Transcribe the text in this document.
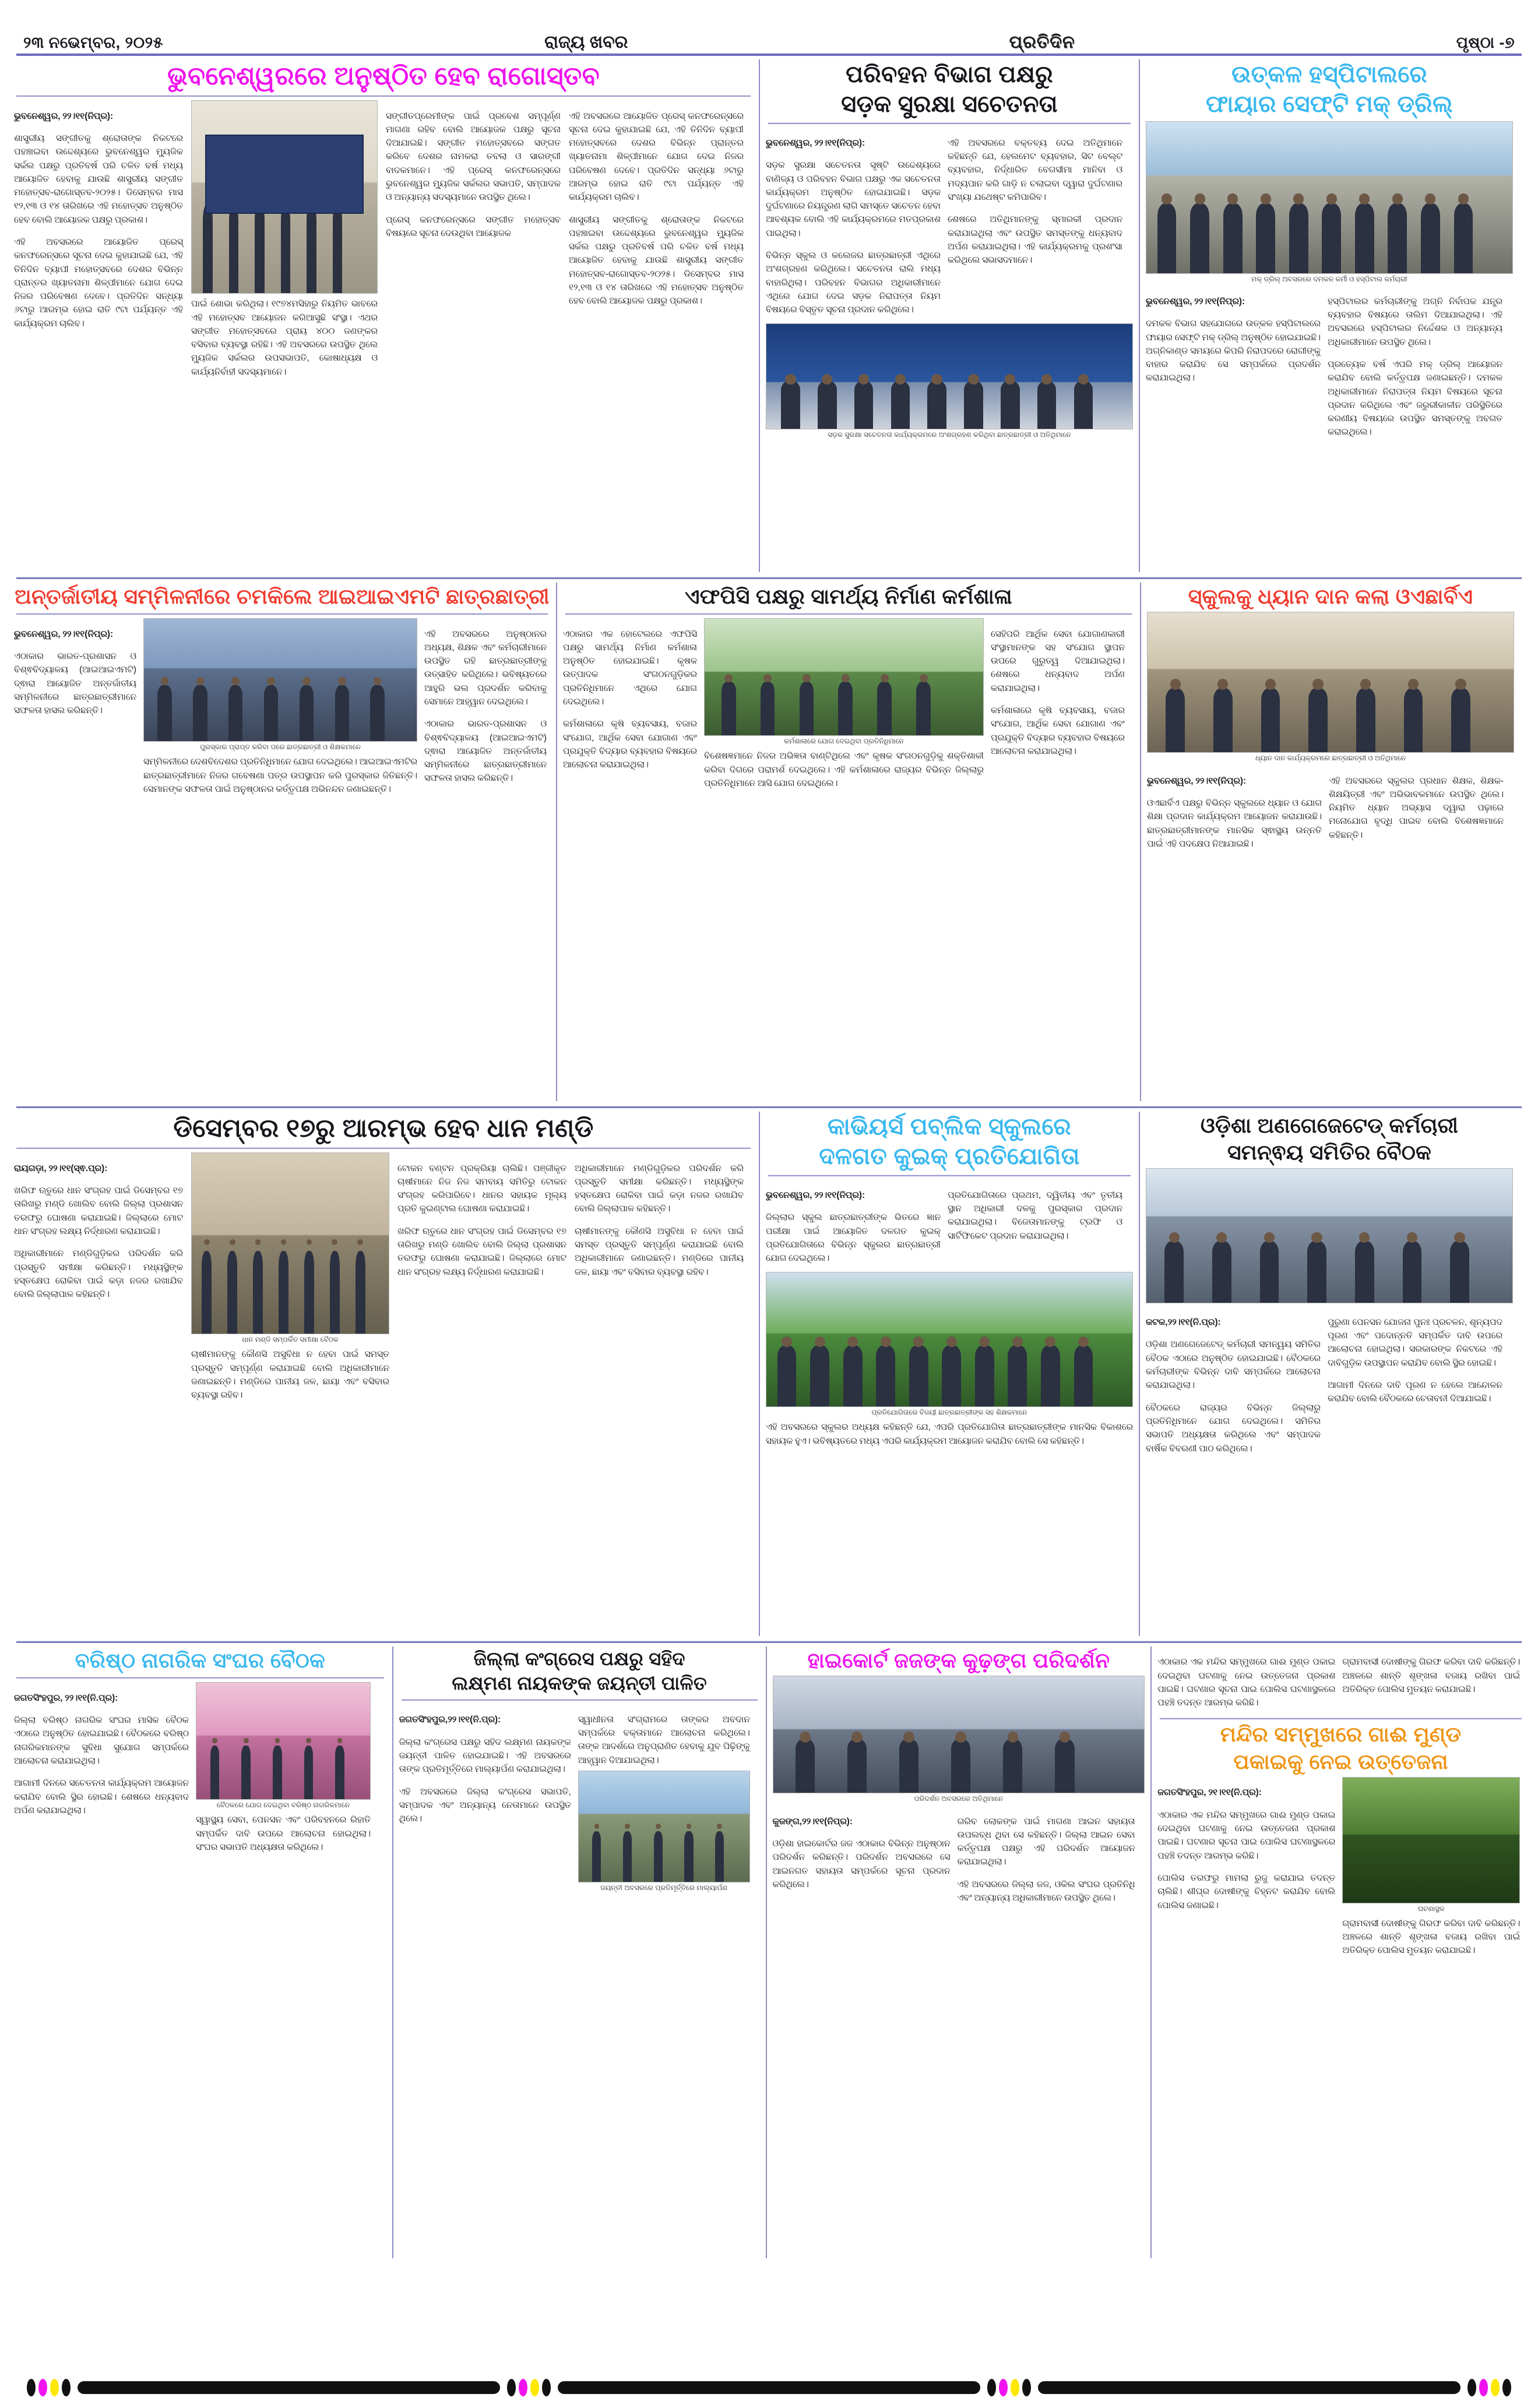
୨୩ ନଭେମ୍ବର, ୨୦୨୫	ରାଜ୍ୟ ଖବର	ପ୍ରତିଦିନ	ପୃଷ୍ଠା -୭
ଭୁବନେଶ୍ୱରରେ ଅନୁଷ୍ଠିତ ହେବ ରାଗୋସ୍ତବ

ଭୁବନେଶ୍ୱର, ୨୨।୧୧(ନିପ୍ର):

ଶାସ୍ତ୍ରୀୟ ସଙ୍ଗୀତକୁ ଶ୍ରୋତାଙ୍କ ନିକଟରେ ପହଞ୍ଚାଇବା ଉଦ୍ଦେଶ୍ୟରେ ଭୁବନେଶ୍ୱର ମ୍ୟୁଜିକ ସର୍କଲ ପକ୍ଷରୁ ପ୍ରତିବର୍ଷ ପରି ଚଳିତ ବର୍ଷ ମଧ୍ୟ ଆୟୋଜିତ ହେବାକୁ ଯାଉଛି ଶାସ୍ତ୍ରୀୟ ସଙ୍ଗୀତ ମହୋତ୍ସବ-ରାଗୋସ୍ତବ-୨୦୨୫। ଡିସେମ୍ବର ମାସ ୧୨,୧୩ ଓ ୧୪ ତାରିଖରେ ଏହି ମହୋତ୍ସବ ଅନୁଷ୍ଠିତ ହେବ ବୋଲି ଆୟୋଜକ ପକ୍ଷରୁ ପ୍ରକାଶ।

ଏହି ଅବସରରେ ଆୟୋଜିତ ପ୍ରେସ୍ କନଫରେନ୍ସରେ ସୂଚନା ଦେଇ କୁହାଯାଇଛି ଯେ, ଏହି ତିନିଦିନ ବ୍ୟାପୀ ମହୋତ୍ସବରେ ଦେଶର ବିଭିନ୍ନ ପ୍ରାନ୍ତର ଖ୍ୟାତନାମା ଶିଳ୍ପୀମାନେ ଯୋଗ ଦେଇ ନିଜର ପରିବେଷଣ ଦେବେ। ପ୍ରତିଦିନ ସନ୍ଧ୍ୟା ୬ଟାରୁ ଆରମ୍ଭ ହୋଇ ରାତି ୯ଟା ପର୍ଯ୍ୟନ୍ତ ଏହି କାର୍ଯ୍ୟକ୍ରମ ଚାଲିବ।

ପାଇଁ ଶୋଭା କରିଥିଲା। ୧୯୭୪ମସିହାରୁ ନିୟମିତ ଭାବରେ ଏହି ମହୋତ୍ସବ ଆୟୋଜନ କରିଆସୁଛି ସଂସ୍ଥା। ଏଥର ସଙ୍ଗୀତ ମହୋତ୍ସବରେ ପ୍ରାୟ ୪୦୦ ଜଣଙ୍କର ବସିବାର ବ୍ୟବସ୍ଥା ରହିଛି। ଏହି ଅବସରରେ ଉପସ୍ଥିତ ଥିଲେ ମ୍ୟୁଜିକ ସର୍କଲର ଉପସଭାପତି, କୋଷାଧ୍ୟକ୍ଷ ଓ କାର୍ଯ୍ୟନିର୍ବାହୀ ସଦସ୍ୟମାନେ।

ସଙ୍ଗୀତପ୍ରେମୀଙ୍କ ପାଇଁ ପ୍ରବେଶ ସମ୍ପୂର୍ଣ୍ଣ ମାଗଣା ରହିବ ବୋଲି ଆୟୋଜକ ପକ୍ଷରୁ ସୂଚନା ଦିଆଯାଇଛି। ସଙ୍ଗୀତ ମହୋତ୍ସବରେ ସଙ୍ଗତ କରିବେ ଦେଶର ନାମକରା ତବଲା ଓ ସାରଙ୍ଗୀ ବାଦକମାନେ। ଏହି ପ୍ରେସ୍ କନଫରେନ୍ସରେ ଭୁବନେଶ୍ୱର ମ୍ୟୁଜିକ ସର୍କଲର ସଭାପତି, ସମ୍ପାଦକ ଓ ଅନ୍ୟାନ୍ୟ ସଦସ୍ୟମାନେ ଉପସ୍ଥିତ ଥିଲେ।

ପ୍ରେସ୍ କନଫରେନ୍ସରେ ସଙ୍ଗୀତ ମହୋତ୍ସବ ବିଷୟରେ ସୂଚନା ଦେଉଥିବା ଆୟୋଜକ

ଏହି ଅବସରରେ ଆୟୋଜିତ ପ୍ରେସ୍ କନଫରେନ୍ସରେ ସୂଚନା ଦେଇ କୁହାଯାଇଛି ଯେ, ଏହି ତିନିଦିନ ବ୍ୟାପୀ ମହୋତ୍ସବରେ ଦେଶର ବିଭିନ୍ନ ପ୍ରାନ୍ତର ଖ୍ୟାତନାମା ଶିଳ୍ପୀମାନେ ଯୋଗ ଦେଇ ନିଜର ପରିବେଷଣ ଦେବେ। ପ୍ରତିଦିନ ସନ୍ଧ୍ୟା ୬ଟାରୁ ଆରମ୍ଭ ହୋଇ ରାତି ୯ଟା ପର୍ଯ୍ୟନ୍ତ ଏହି କାର୍ଯ୍ୟକ୍ରମ ଚାଲିବ।

ଶାସ୍ତ୍ରୀୟ ସଙ୍ଗୀତକୁ ଶ୍ରୋତାଙ୍କ ନିକଟରେ ପହଞ୍ଚାଇବା ଉଦ୍ଦେଶ୍ୟରେ ଭୁବନେଶ୍ୱର ମ୍ୟୁଜିକ ସର୍କଲ ପକ୍ଷରୁ ପ୍ରତିବର୍ଷ ପରି ଚଳିତ ବର୍ଷ ମଧ୍ୟ ଆୟୋଜିତ ହେବାକୁ ଯାଉଛି ଶାସ୍ତ୍ରୀୟ ସଙ୍ଗୀତ ମହୋତ୍ସବ-ରାଗୋସ୍ତବ-୨୦୨୫। ଡିସେମ୍ବର ମାସ ୧୨,୧୩ ଓ ୧୪ ତାରିଖରେ ଏହି ମହୋତ୍ସବ ଅନୁଷ୍ଠିତ ହେବ ବୋଲି ଆୟୋଜକ ପକ୍ଷରୁ ପ୍ରକାଶ।

ପରିବହନ ବିଭାଗ ପକ୍ଷରୁ
ସଡ଼କ ସୁରକ୍ଷା ସଚେତନତା

ଭୁବନେଶ୍ୱର, ୨୨।୧୧(ନିପ୍ର):

ସଡ଼କ ସୁରକ୍ଷା ସଚେତନତା ସୃଷ୍ଟି ଉଦ୍ଦେଶ୍ୟରେ ବାଣିଜ୍ୟ ଓ ପରିବହନ ବିଭାଗ ପକ୍ଷରୁ ଏକ ସଚେତନତା କାର୍ଯ୍ୟକ୍ରମ ଅନୁଷ୍ଠିତ ହୋଇଯାଇଛି। ସଡ଼କ ଦୁର୍ଘଟଣାରେ ନିୟନ୍ତ୍ରଣ ଲାଗି ସମସ୍ତେ ସଚେତନ ହେବା ଆବଶ୍ୟକ ବୋଲି ଏହି କାର୍ଯ୍ୟକ୍ରମରେ ମତପ୍ରକାଶ ପାଇଥିଲା।

ବିଭିନ୍ନ ସ୍କୁଲ ଓ କଲେଜର ଛାତ୍ରଛାତ୍ରୀ ଏଥିରେ ଅଂଶଗ୍ରହଣ କରିଥିଲେ। ସଚେତନତା ରାଲି ମଧ୍ୟ ବାହାରିଥିଲା। ପରିବହନ ବିଭାଗର ଅଧିକାରୀମାନେ ଏଥିରେ ଯୋଗ ଦେଇ ସଡ଼କ ନିରାପତ୍ତା ନିୟମ ବିଷୟରେ ବିସ୍ତୃତ ସୂଚନା ପ୍ରଦାନ କରିଥିଲେ।

ଏହି ଅବସରରେ ବକ୍ତବ୍ୟ ଦେଇ ଅତିଥିମାନେ କହିଛନ୍ତି ଯେ, ହେଲମେଟ ବ୍ୟବହାର, ସିଟ ବେଲ୍ଟ ବ୍ୟବହାର, ନିର୍ଦ୍ଧାରିତ ବେଗସୀମା ମାନିବା ଓ ମଦ୍ୟପାନ କରି ଗାଡ଼ି ନ ଚଲାଇବା ଦ୍ୱାରା ଦୁର୍ଘଟଣାର ସଂଖ୍ୟା ଯଥେଷ୍ଟ କମିପାରିବ।

ଶେଷରେ ଅତିଥିମାନଙ୍କୁ ସ୍ମାରକୀ ପ୍ରଦାନ କରାଯାଇଥିଲା ଏବଂ ଉପସ୍ଥିତ ସମସ୍ତଙ୍କୁ ଧନ୍ୟବାଦ ଅର୍ପଣ କରାଯାଇଥିଲା। ଏହି କାର୍ଯ୍ୟକ୍ରମକୁ ପ୍ରଶଂସା କରିଥିଲେ ସଭାସଦମାନେ।

ସଡ଼କ ସୁରକ୍ଷା ସଚେତନତା କାର୍ଯ୍ୟକ୍ରମରେ ଅଂଶଗ୍ରହଣ କରିଥିବା ଛାତ୍ରଛାତ୍ରୀ ଓ ଅତିଥିମାନେ
ଉତ୍କଳ ହସ୍ପିଟାଲରେ
ଫାୟାର ସେଫ୍ଟି ମକ୍ ଡ୍ରିଲ୍
ମକ୍ ଡ୍ରିଲ୍ ଅବସରରେ ଦମକଳ କର୍ମୀ ଓ ହସ୍ପିଟାଲ କର୍ମଚାରୀ

ଭୁବନେଶ୍ୱର, ୨୨।୧୧(ନିପ୍ର):

ଦମକଳ ବିଭାଗ ସହଯୋଗରେ ଉତ୍କଳ ହସ୍ପିଟାଲରେ ଫାୟାର ସେଫ୍ଟି ମକ୍ ଡ୍ରିଲ୍ ଅନୁଷ୍ଠିତ ହୋଇଯାଇଛି। ଅଗ୍ନିକାଣ୍ଡ ସମୟରେ କିପରି ନିରାପଦରେ ରୋଗୀଙ୍କୁ ବାହାର କରାଯିବ ସେ ସମ୍ପର୍କରେ ପ୍ରଦର୍ଶନ କରାଯାଇଥିଲା।

ହସ୍ପିଟାଲର କର୍ମଚାରୀଙ୍କୁ ଅଗ୍ନି ନିର୍ବାପକ ଯନ୍ତ୍ର ବ୍ୟବହାର ବିଷୟରେ ତାଲିମ ଦିଆଯାଇଥିଲା। ଏହି ଅବସରରେ ହସ୍ପିଟାଲର ନିର୍ଦ୍ଦେଶକ ଓ ଅନ୍ୟାନ୍ୟ ଅଧିକାରୀମାନେ ଉପସ୍ଥିତ ଥିଲେ।

ପ୍ରତ୍ୟେକ ବର୍ଷ ଏପରି ମକ୍ ଡ୍ରିଲ୍ ଆୟୋଜନ କରାଯିବ ବୋଲି କର୍ତ୍ତୃପକ୍ଷ ଜଣାଇଛନ୍ତି। ଦମକଳ ଅଧିକାରୀମାନେ ନିରାପତ୍ତା ନିୟମ ବିଷୟରେ ସୂଚନା ପ୍ରଦାନ କରିଥିଲେ ଏବଂ ଜରୁରୀକାଳୀନ ପରିସ୍ଥିତିରେ କରଣୀୟ ବିଷୟରେ ଉପସ୍ଥିତ ସମସ୍ତଙ୍କୁ ଅବଗତ କରାଇଥିଲେ।

ଅନ୍ତର୍ଜାତୀୟ ସମ୍ମିଳନୀରେ ଚମକିଲେ ଆଇଆଇଏମଟି ଛାତ୍ରଛାତ୍ରୀ

ଭୁବନେଶ୍ୱର, ୨୨।୧୧(ନିପ୍ର):

ଏଠାକାର ଭାରତ-ପ୍ରଶାସନ ଓ ବିଶ୍ଵବିଦ୍ୟାଳୟ (ଆଇଆଇଏମଟି) ଦ୍ଵାରା ଆୟୋଜିତ ଅନ୍ତର୍ଜାତୀୟ ସମ୍ମିଳନୀରେ ଛାତ୍ରଛାତ୍ରୀମାନେ ସଫଳତା ହାସଲ କରିଛନ୍ତି।

ପୁରସ୍କାର ପ୍ରାପ୍ତ କରିବା ପରେ ଛାତ୍ରଛାତ୍ରୀ ଓ ଶିକ୍ଷକମାନେ

ସମ୍ମିଳନୀରେ ଦେଶବିଦେଶର ପ୍ରତିନିଧିମାନେ ଯୋଗ ଦେଇଥିଲେ। ଆଇଆଇଏମଟିର ଛାତ୍ରଛାତ୍ରୀମାନେ ନିଜର ଗବେଷଣା ପତ୍ର ଉପସ୍ଥାପନ କରି ପୁରସ୍କାର ଜିତିଛନ୍ତି। ସେମାନଙ୍କ ସଫଳତା ପାଇଁ ଅନୁଷ୍ଠାନର କର୍ତ୍ତୃପକ୍ଷ ଅଭିନନ୍ଦନ ଜଣାଇଛନ୍ତି।

ଏହି ଅବସରରେ ଅନୁଷ୍ଠାନର ଅଧ୍ୟକ୍ଷ, ଶିକ୍ଷକ ଏବଂ କର୍ମଚାରୀମାନେ ଉପସ୍ଥିତ ରହି ଛାତ୍ରଛାତ୍ରୀଙ୍କୁ ଉତ୍ସାହିତ କରିଥିଲେ। ଭବିଷ୍ୟତରେ ଆହୁରି ଭଲ ପ୍ରଦର୍ଶନ କରିବାକୁ ସେମାନେ ଆହ୍ୱାନ ଦେଇଥିଲେ।

ଏଠାକାର ଭାରତ-ପ୍ରଶାସନ ଓ ବିଶ୍ଵବିଦ୍ୟାଳୟ (ଆଇଆଇଏମଟି) ଦ୍ଵାରା ଆୟୋଜିତ ଅନ୍ତର୍ଜାତୀୟ ସମ୍ମିଳନୀରେ ଛାତ୍ରଛାତ୍ରୀମାନେ ସଫଳତା ହାସଲ କରିଛନ୍ତି।

ଏଫପିସି ପକ୍ଷରୁ ସାମର୍ଥ୍ୟ ନିର୍ମାଣ କର୍ମଶାଳା

ଏଠାକାର ଏକ ହୋଟେଲରେ ଏଫପିସି ପକ୍ଷରୁ ସାମର୍ଥ୍ୟ ନିର୍ମାଣ କର୍ମଶାଳା ଅନୁଷ୍ଠିତ ହୋଇଯାଇଛି। କୃଷକ ଉତ୍ପାଦକ ସଂଗଠନଗୁଡ଼ିକର ପ୍ରତିନିଧିମାନେ ଏଥିରେ ଯୋଗ ଦେଇଥିଲେ।

କର୍ମଶାଳାରେ କୃଷି ବ୍ୟବସାୟ, ବଜାର ସଂଯୋଗ, ଆର୍ଥିକ ସେବା ଯୋଗାଣ ଏବଂ ପ୍ରଯୁକ୍ତି ବିଦ୍ୟାର ବ୍ୟବହାର ବିଷୟରେ ଆଲୋଚନା କରାଯାଇଥିଲା।

କର୍ମଶାଳାରେ ଯୋଗ ଦେଇଥିବା ପ୍ରତିନିଧିମାନେ

ବିଶେଷଜ୍ଞମାନେ ନିଜର ଅଭିଜ୍ଞତା ବାଣ୍ଟିଥିଲେ ଏବଂ କୃଷକ ସଂଗଠନଗୁଡ଼ିକୁ ଶକ୍ତିଶାଳୀ କରିବା ଦିଗରେ ପରାମର୍ଶ ଦେଇଥିଲେ। ଏହି କର୍ମଶାଳାରେ ରାଜ୍ୟର ବିଭିନ୍ନ ଜିଲ୍ଲାରୁ ପ୍ରତିନିଧିମାନେ ଆସି ଯୋଗ ଦେଇଥିଲେ।

ସେହିପରି ଆର୍ଥିକ ସେବା ଯୋଗାଣକାରୀ ସଂସ୍ଥାମାନଙ୍କ ସହ ସଂଯୋଗ ସ୍ଥାପନ ଉପରେ ଗୁରୁତ୍ୱ ଦିଆଯାଇଥିଲା। ଶେଷରେ ଧନ୍ୟବାଦ ଅର୍ପଣ କରାଯାଇଥିଲା।

କର୍ମଶାଳାରେ କୃଷି ବ୍ୟବସାୟ, ବଜାର ସଂଯୋଗ, ଆର୍ଥିକ ସେବା ଯୋଗାଣ ଏବଂ ପ୍ରଯୁକ୍ତି ବିଦ୍ୟାର ବ୍ୟବହାର ବିଷୟରେ ଆଲୋଚନା କରାଯାଇଥିଲା।

ସ୍କୁଲକୁ ଧ୍ୟାନ ଦାନ କଲା ଓଏଛାର୍ବିଏ
ଧ୍ୟାନ ଦାନ କାର୍ଯ୍ୟକ୍ରମରେ ଛାତ୍ରଛାତ୍ରୀ ଓ ଅତିଥିମାନେ

ଭୁବନେଶ୍ୱର, ୨୨।୧୧(ନିପ୍ର):

ଓଏଛାର୍ବିଏ ପକ୍ଷରୁ ବିଭିନ୍ନ ସ୍କୁଲରେ ଧ୍ୟାନ ଓ ଯୋଗ ଶିକ୍ଷା ପ୍ରଦାନ କାର୍ଯ୍ୟକ୍ରମ ଆୟୋଜନ କରାଯାଉଛି। ଛାତ୍ରଛାତ୍ରୀମାନଙ୍କ ମାନସିକ ସ୍ଵାସ୍ଥ୍ୟ ଉନ୍ନତି ପାଇଁ ଏହି ପଦକ୍ଷେପ ନିଆଯାଇଛି।

ଏହି ଅବସରରେ ସ୍କୁଲର ପ୍ରଧାନ ଶିକ୍ଷକ, ଶିକ୍ଷକ-ଶିକ୍ଷୟିତ୍ରୀ ଏବଂ ଅଭିଭାବକମାନେ ଉପସ୍ଥିତ ଥିଲେ। ନିୟମିତ ଧ୍ୟାନ ଅଭ୍ୟାସ ଦ୍ୱାରା ପଢ଼ାରେ ମନୋଯୋଗ ବୃଦ୍ଧି ପାଇବ ବୋଲି ବିଶେଷଜ୍ଞମାନେ କହିଛନ୍ତି।

ଡିସେମ୍ବର ୧୭ରୁ ଆରମ୍ଭ ହେବ ଧାନ ମଣ୍ଡି

ରାୟଗଡ଼ା, ୨୨।୧୧(ସ୍ଵ.ପ୍ର):

ଖରିଫ ଋତୁରେ ଧାନ ସଂଗ୍ରହ ପାଇଁ ଡିସେମ୍ବର ୧୭ ତାରିଖରୁ ମଣ୍ଡି ଖୋଲିବ ବୋଲି ଜିଲ୍ଲା ପ୍ରଶାସନ ତରଫରୁ ଘୋଷଣା କରାଯାଇଛି। ଜିଲ୍ଲାରେ ମୋଟ ଧାନ ସଂଗ୍ରହ ଲକ୍ଷ୍ୟ ନିର୍ଦ୍ଧାରଣ କରାଯାଇଛି।

ଅଧିକାରୀମାନେ ମଣ୍ଡିଗୁଡ଼ିକର ପରିଦର୍ଶନ କରି ପ୍ରସ୍ତୁତି ସମୀକ୍ଷା କରିଛନ୍ତି। ମଧ୍ୟସ୍ଥିଙ୍କ ହସ୍ତକ୍ଷେପ ରୋକିବା ପାଇଁ କଡ଼ା ନଜର ରଖାଯିବ ବୋଲି ଜିଲ୍ଲାପାଳ କହିଛନ୍ତି।

ଧାନ ମଣ୍ଡି ସମ୍ପର୍କିତ ସମୀକ୍ଷା ବୈଠକ

ଚାଷୀମାନଙ୍କୁ କୌଣସି ଅସୁବିଧା ନ ହେବା ପାଇଁ ସମସ୍ତ ପ୍ରସ୍ତୁତି ସମ୍ପୂର୍ଣ୍ଣ କରାଯାଇଛି ବୋଲି ଅଧିକାରୀମାନେ ଜଣାଇଛନ୍ତି। ମଣ୍ଡିରେ ପାନୀୟ ଜଳ, ଛାୟା ଏବଂ ବସିବାର ବ୍ୟବସ୍ଥା ରହିବ।

ଟୋକନ ବଣ୍ଟନ ପ୍ରକ୍ରିୟା ଚାଲିଛି। ପଞ୍ଜୀକୃତ ଚାଷୀମାନେ ନିଜ ନିଜ ସମବାୟ ସମିତିରୁ ଟୋକନ ସଂଗ୍ରହ କରିପାରିବେ। ଧାନର ସହାୟକ ମୂଲ୍ୟ ପ୍ରତି କୁଇଣ୍ଟାଲ ଘୋଷଣା କରାଯାଇଛି।

ଖରିଫ ଋତୁରେ ଧାନ ସଂଗ୍ରହ ପାଇଁ ଡିସେମ୍ବର ୧୭ ତାରିଖରୁ ମଣ୍ଡି ଖୋଲିବ ବୋଲି ଜିଲ୍ଲା ପ୍ରଶାସନ ତରଫରୁ ଘୋଷଣା କରାଯାଇଛି। ଜିଲ୍ଲାରେ ମୋଟ ଧାନ ସଂଗ୍ରହ ଲକ୍ଷ୍ୟ ନିର୍ଦ୍ଧାରଣ କରାଯାଇଛି।

ଅଧିକାରୀମାନେ ମଣ୍ଡିଗୁଡ଼ିକର ପରିଦର୍ଶନ କରି ପ୍ରସ୍ତୁତି ସମୀକ୍ଷା କରିଛନ୍ତି। ମଧ୍ୟସ୍ଥିଙ୍କ ହସ୍ତକ୍ଷେପ ରୋକିବା ପାଇଁ କଡ଼ା ନଜର ରଖାଯିବ ବୋଲି ଜିଲ୍ଲାପାଳ କହିଛନ୍ତି।

ଚାଷୀମାନଙ୍କୁ କୌଣସି ଅସୁବିଧା ନ ହେବା ପାଇଁ ସମସ୍ତ ପ୍ରସ୍ତୁତି ସମ୍ପୂର୍ଣ୍ଣ କରାଯାଇଛି ବୋଲି ଅଧିକାରୀମାନେ ଜଣାଇଛନ୍ତି। ମଣ୍ଡିରେ ପାନୀୟ ଜଳ, ଛାୟା ଏବଂ ବସିବାର ବ୍ୟବସ୍ଥା ରହିବ।

କାଭିୟର୍ସ ପବ୍ଲିକ ସ୍କୁଲରେ
ଦଳଗତ କୁଇକ୍ ପ୍ରତିଯୋଗିତା

ଭୁବନେଶ୍ୱର, ୨୨।୧୧(ନିପ୍ର):

ଜିଲ୍ଲାର ସ୍କୁଲ ଛାତ୍ରଛାତ୍ରୀଙ୍କ ଭିତରେ ଜ୍ଞାନ ପରୀକ୍ଷା ପାଇଁ ଆୟୋଜିତ ଦଳଗତ କୁଇକ୍ ପ୍ରତିଯୋଗିତାରେ ବିଭିନ୍ନ ସ୍କୁଲର ଛାତ୍ରଛାତ୍ରୀ ଯୋଗ ଦେଇଥିଲେ।

ପ୍ରତିଯୋଗିତାରେ ପ୍ରଥମ, ଦ୍ୱିତୀୟ ଏବଂ ତୃତୀୟ ସ୍ଥାନ ଅଧିକାରୀ ଦଳକୁ ପୁରସ୍କାର ପ୍ରଦାନ କରାଯାଇଥିଲା। ବିଜେତାମାନଙ୍କୁ ଟ୍ରଫି ଓ ସାର୍ଟିଫିକେଟ ପ୍ରଦାନ କରାଯାଇଥିଲା।

ପ୍ରତିଯୋଗିତାରେ ବିଜୟୀ ଛାତ୍ରଛାତ୍ରୀଙ୍କ ସହ ଶିକ୍ଷକମାନେ

ଏହି ଅବସରରେ ସ୍କୁଲର ଅଧ୍ୟକ୍ଷ କହିଛନ୍ତି ଯେ, ଏପରି ପ୍ରତିଯୋଗିତା ଛାତ୍ରଛାତ୍ରୀଙ୍କ ମାନସିକ ବିକାଶରେ ସହାୟକ ହୁଏ। ଭବିଷ୍ୟତରେ ମଧ୍ୟ ଏପରି କାର୍ଯ୍ୟକ୍ରମ ଆୟୋଜନ କରାଯିବ ବୋଲି ସେ କହିଛନ୍ତି।

ଓଡ଼ିଶା ଅଣଗେଜେଟେଡ୍ କର୍ମଚାରୀ
ସମନ୍ଵୟ ସମିତିର ବୈଠକ

କଟକ,୨୨।୧୧(ନି.ପ୍ର):

ଓଡ଼ିଶା ଅଣଗେଜେଟେଡ୍ କର୍ମଚାରୀ ସମନ୍ୱୟ ସମିତିର ବୈଠକ ଏଠାରେ ଅନୁଷ୍ଠିତ ହୋଇଯାଇଛି। ବୈଠକରେ କର୍ମଚାରୀଙ୍କ ବିଭିନ୍ନ ଦାବି ସମ୍ପର୍କରେ ଆଲୋଚନା କରାଯାଇଥିଲା।

ବୈଠକରେ ରାଜ୍ୟର ବିଭିନ୍ନ ଜିଲ୍ଲାରୁ ପ୍ରତିନିଧିମାନେ ଯୋଗ ଦେଇଥିଲେ। ସମିତିର ସଭାପତି ଅଧ୍ୟକ୍ଷତା କରିଥିଲେ ଏବଂ ସମ୍ପାଦକ ବାର୍ଷିକ ବିବରଣୀ ପାଠ କରିଥିଲେ।

ପୁରୁଣା ପେନସନ ଯୋଜନା ପୁନଃ ପ୍ରଚଳନ, ଶୂନ୍ୟପଦ ପୂରଣ ଏବଂ ପଦୋନ୍ନତି ସମ୍ପର୍କିତ ଦାବି ଉପରେ ଆଲୋଚନା ହୋଇଥିଲା। ସରକାରଙ୍କ ନିକଟରେ ଏହି ଦାବିଗୁଡ଼ିକ ଉପସ୍ଥାପନ କରାଯିବ ବୋଲି ସ୍ଥିର ହୋଇଛି।

ଆଗାମୀ ଦିନରେ ଦାବି ପୂରଣ ନ ହେଲେ ଆନ୍ଦୋଳନ କରାଯିବ ବୋଲି ବୈଠକରେ ଚେତାବନୀ ଦିଆଯାଇଛି।

ବରିଷ୍ଠ ନାଗରିକ ସଂଘର ବୈଠକ

ଜଗତସିଂହପୁର, ୨୨।୧୧(ନି.ପ୍ର):

ଜିଲ୍ଲା ବରିଷ୍ଠ ନାଗରିକ ସଂଘର ମାସିକ ବୈଠକ ଏଠାରେ ଅନୁଷ୍ଠିତ ହୋଇଯାଇଛି। ବୈଠକରେ ବରିଷ୍ଠ ନାଗରିକମାନଙ୍କ ସୁବିଧା ସୁଯୋଗ ସମ୍ପର୍କରେ ଆଲୋଚନା କରାଯାଇଥିଲା।

ଆଗାମୀ ଦିନରେ ସଚେତନତା କାର୍ଯ୍ୟକ୍ରମ ଆୟୋଜନ କରାଯିବ ବୋଲି ସ୍ଥିର ହୋଇଛି। ଶେଷରେ ଧନ୍ୟବାଦ ଅର୍ପଣ କରାଯାଇଥିଲା।

ବୈଠକରେ ଯୋଗ ଦେଇଥିବା ବରିଷ୍ଠ ନାଗରିକମାନେ

ସ୍ୱାସ୍ଥ୍ୟ ସେବା, ପେନସନ ଏବଂ ପରିବହନରେ ରିହାତି ସମ୍ପର୍କିତ ଦାବି ଉପରେ ଆଲୋଚନା ହୋଇଥିଲା। ସଂଘର ସଭାପତି ଅଧ୍ୟକ୍ଷତା କରିଥିଲେ।

ଜିଲ୍ଲା କଂଗ୍ରେସ ପକ୍ଷରୁ ସହିଦ
ଲକ୍ଷ୍ମଣ ନାୟକଙ୍କ ଜୟନ୍ତୀ ପାଳିତ

ଜଗତସିଂହପୁର,୨୨।୧୧(ନି.ପ୍ର):

ଜିଲ୍ଲା କଂଗ୍ରେସ ପକ୍ଷରୁ ସହିଦ ଲକ୍ଷ୍ମଣ ନାୟକଙ୍କ ଜୟନ୍ତୀ ପାଳିତ ହୋଇଯାଇଛି। ଏହି ଅବସରରେ ତାଙ୍କ ପ୍ରତିମୂର୍ତ୍ତିରେ ମାଲ୍ୟାର୍ପଣ କରାଯାଇଥିଲା।

ଏହି ଅବସରରେ ଜିଲ୍ଲା କଂଗ୍ରେସ ସଭାପତି, ସମ୍ପାଦକ ଏବଂ ଅନ୍ୟାନ୍ୟ ନେତାମାନେ ଉପସ୍ଥିତ ଥିଲେ।

ସ୍ୱାଧୀନତା ସଂଗ୍ରାମରେ ତାଙ୍କର ଅବଦାନ ସମ୍ପର୍କରେ ବକ୍ତାମାନେ ଆଲୋଚନା କରିଥିଲେ। ତାଙ୍କ ଆଦର୍ଶରେ ଅନୁପ୍ରାଣିତ ହେବାକୁ ଯୁବ ପିଢ଼ିଙ୍କୁ ଆହ୍ୱାନ ଦିଆଯାଇଥିଲା।

ଜୟନ୍ତୀ ଅବସରରେ ପ୍ରତିମୂର୍ତ୍ତିରେ ମାଲ୍ୟାର୍ପଣ
ହାଇକୋର୍ଟ ଜଜଙ୍କ କୁଢ଼ଙ୍ଗ ପରିଦର୍ଶନ
ପରିଦର୍ଶନ ଅବସରରେ ଅତିଥିମାନେ

କୁଜଙ୍ଗ,୨୨।୧୧(ନିପ୍ର):

ଓଡ଼ିଶା ହାଇକୋର୍ଟର ଜଜ ଏଠାକାର ବିଭିନ୍ନ ଅନୁଷ୍ଠାନ ପରିଦର୍ଶନ କରିଛନ୍ତି। ପରିଦର୍ଶନ ଅବସରରେ ସେ ଆଇନଗତ ସହାୟତା ସମ୍ପର୍କରେ ସୂଚନା ପ୍ରଦାନ କରିଥିଲେ।

ଗରିବ ଲୋକଙ୍କ ପାଇଁ ମାଗଣା ଆଇନ ସହାୟତା ଉପଲବ୍ଧ ଥିବା ସେ କହିଛନ୍ତି। ଜିଲ୍ଲା ଆଇନ ସେବା କର୍ତ୍ତୃପକ୍ଷ ପକ୍ଷରୁ ଏହି ପରିଦର୍ଶନ ଆୟୋଜନ କରାଯାଇଥିଲା।

ଏହି ଅବସରରେ ଜିଲ୍ଲା ଜଜ, ଓକିଲ ସଂଘର ପ୍ରତିନିଧି ଏବଂ ଅନ୍ୟାନ୍ୟ ଅଧିକାରୀମାନେ ଉପସ୍ଥିତ ଥିଲେ।

ଏଠାକାର ଏକ ମନ୍ଦିର ସମ୍ମୁଖରେ ଗାଈ ମୁଣ୍ଡ ପକାଇ ଦେଇଥିବା ଘଟଣାକୁ ନେଇ ଉତ୍ତେଜନା ପ୍ରକାଶ ପାଇଛି। ଘଟଣାର ସୂଚନା ପାଇ ପୋଲିସ ଘଟଣାସ୍ଥଳରେ ପହଞ୍ଚି ତଦନ୍ତ ଆରମ୍ଭ କରିଛି।

ଗ୍ରାମବାସୀ ଦୋଷୀଙ୍କୁ ଗିରଫ କରିବା ଦାବି କରିଛନ୍ତି। ଅଞ୍ଚଳରେ ଶାନ୍ତି ଶୃଙ୍ଖଳା ବଜାୟ ରଖିବା ପାଇଁ ଅତିରିକ୍ତ ପୋଲିସ ମୁତୟନ କରାଯାଇଛି।

ମନ୍ଦିର ସମ୍ମୁଖରେ ଗାଈ ମୁଣ୍ଡ
ପକାଇକୁ ନେଇ ଉତ୍ତେଜନା

ଜଗତସିଂହପୁର, ୨୧।୧୧(ନି.ପ୍ର):

ଏଠାକାର ଏକ ମନ୍ଦିର ସମ୍ମୁଖରେ ଗାଈ ମୁଣ୍ଡ ପକାଇ ଦେଇଥିବା ଘଟଣାକୁ ନେଇ ଉତ୍ତେଜନା ପ୍ରକାଶ ପାଇଛି। ଘଟଣାର ସୂଚନା ପାଇ ପୋଲିସ ଘଟଣାସ୍ଥଳରେ ପହଞ୍ଚି ତଦନ୍ତ ଆରମ୍ଭ କରିଛି।

ପୋଲିସ ତରଫରୁ ମାମଲା ରୁଜୁ କରାଯାଇ ତଦନ୍ତ ଚାଲିଛି। ଶୀଘ୍ର ଦୋଷୀଙ୍କୁ ଚିହ୍ନଟ କରାଯିବ ବୋଲି ପୋଲିସ ଜଣାଇଛି।	ଘଟଣାସ୍ଥଳ

ଗ୍ରାମବାସୀ ଦୋଷୀଙ୍କୁ ଗିରଫ କରିବା ଦାବି କରିଛନ୍ତି। ଅଞ୍ଚଳରେ ଶାନ୍ତି ଶୃଙ୍ଖଳା ବଜାୟ ରଖିବା ପାଇଁ ଅତିରିକ୍ତ ପୋଲିସ ମୁତୟନ କରାଯାଇଛି।
